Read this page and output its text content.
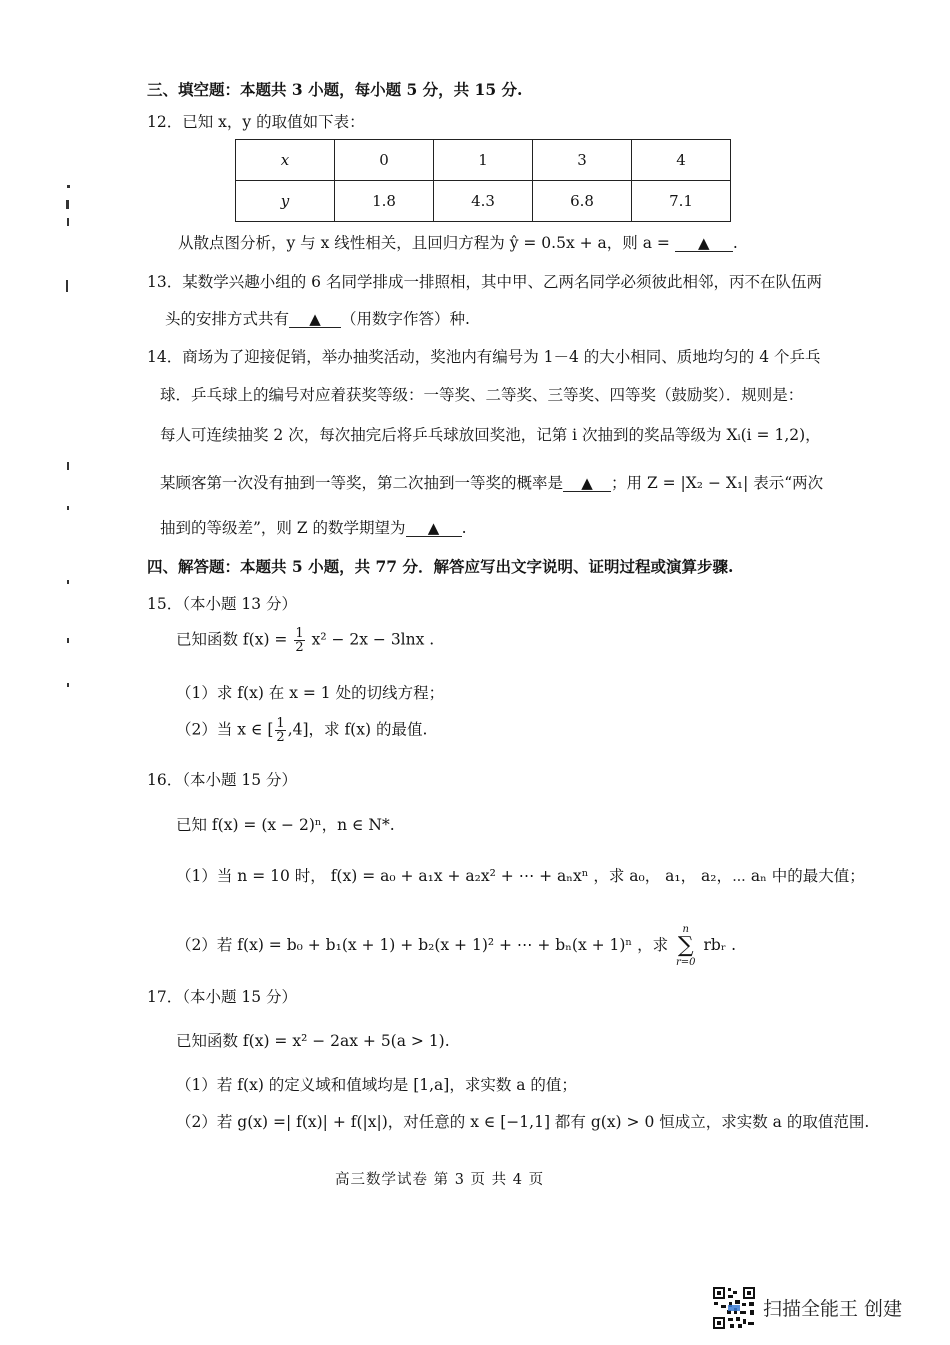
三、填空题：本题共 3 小题，每小题 5 分，共 15 分.
12．已知 x，y 的取值如下表：
x	0	1	3	4
y	1.8	4.3	6.8	7.1
从散点图分析，y 与 x 线性相关，且回归方程为 ŷ = 0.5x + a，则 a = ▲ .
13．某数学兴趣小组的 6 名同学排成一排照相，其中甲、乙两名同学必须彼此相邻，丙不在队伍两
头的安排方式共有 ▲ （用数字作答）种.
14．商场为了迎接促销，举办抽奖活动，奖池内有编号为 1－4 的大小相同、质地均匀的 4 个乒乓
球．乒乓球上的编号对应着获奖等级：一等奖、二等奖、三等奖、四等奖（鼓励奖）．规则是：
每人可连续抽奖 2 次，每次抽完后将乒乓球放回奖池，记第 i 次抽到的奖品等级为 Xᵢ(i = 1,2)，
某顾客第一次没有抽到一等奖，第二次抽到一等奖的概率是 ▲ ；用 Z = |X₂ − X₁| 表示“两次
抽到的等级差”，则 Z 的数学期望为 ▲ .
四、解答题：本题共 5 小题，共 77 分．解答应写出文字说明、证明过程或演算步骤.
15．（本小题 13 分）
已知函数 $f(x) = \frac{1}{2} x^2 - 2x - 3\ln x$ .
（1）求 f(x) 在 x = 1 处的切线方程；
（2）当 x ∈ [ $\frac{1}{2} ,4$]，求 f(x) 的最值.
16．（本小题 15 分）
已知 f(x) = (x − 2)ⁿ，n ∈ N*.
（1）当 n = 10 时， f(x) = a₀ + a₁x + a₂x² + ⋯ + aₙxⁿ ，求 a₀， a₁， a₂，⋯ aₙ 中的最大值；
（2）若 f(x) = b₀ + b₁(x + 1) + b₂(x + 1)² + ⋯ + bₙ(x + 1)ⁿ ，求
n
∑
r=0
rbᵣ .
17．（本小题 15 分）
已知函数 f(x) = x² − 2ax + 5(a > 1).
（1）若 f(x) 的定义域和值域均是 [1,a]，求实数 a 的值；
（2）若 g(x) =| f(x)| + f(|x|)，对任意的 x ∈ [−1,1] 都有 g(x) > 0 恒成立，求实数 a 的取值范围.
高三数学试卷 第 3 页 共 4 页
扫描全能王 创建
